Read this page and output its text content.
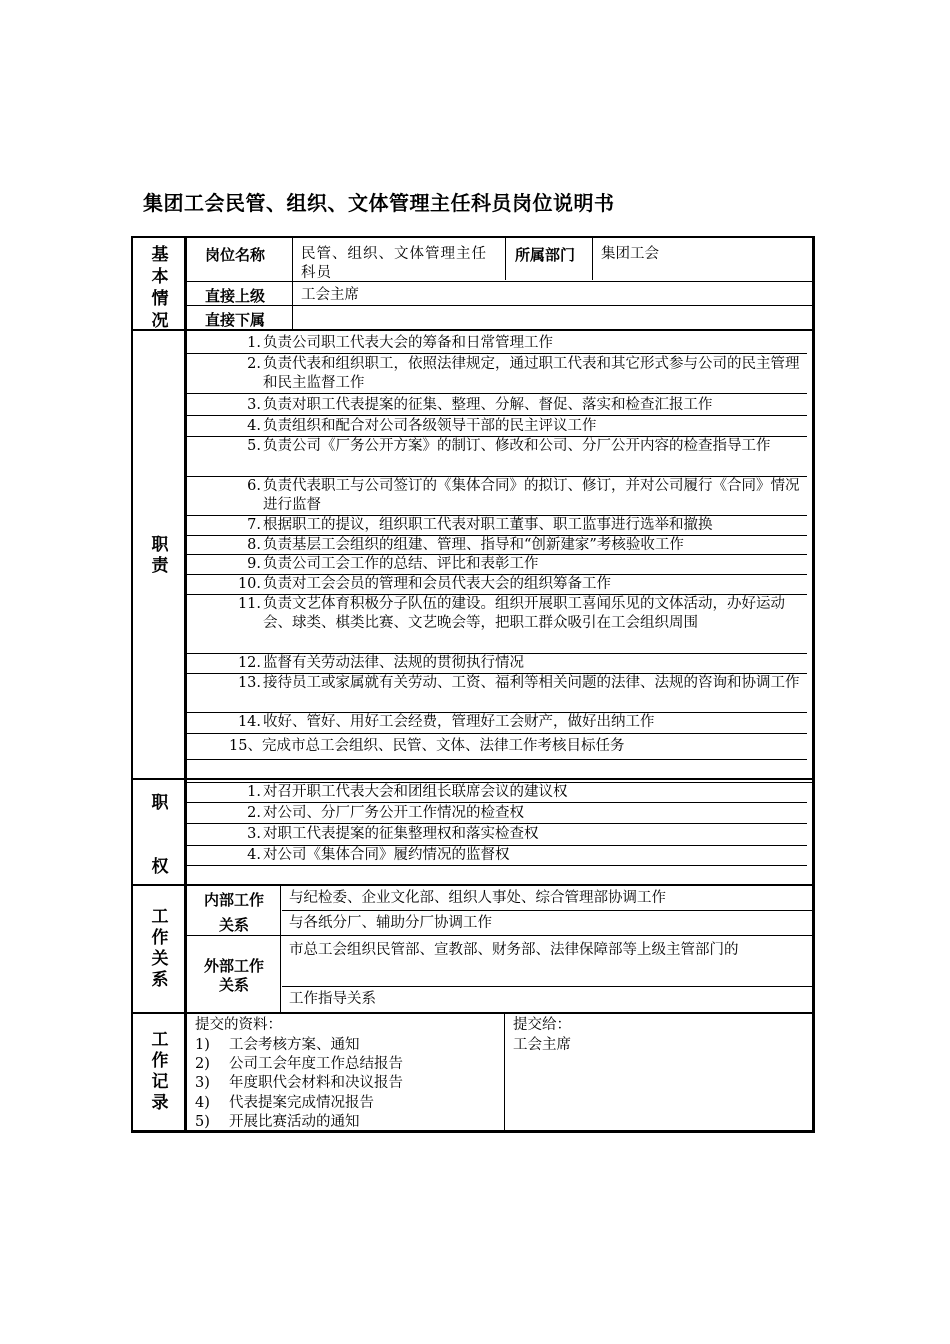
集团工会民管、组织、文体管理主任科员岗位说明书
基本情况
岗位名称 民管、组织、文体管理主任科员
所属部门 集团工会
直接上级 工会主席
直接下属
职责
1. 负责公司职工代表大会的筹备和日常管理工作
2. 负责代表和组织职工，依照法律规定，通过职工代表和其它形式参与公司的民主管理和民主监督工作
3. 负责对职工代表提案的征集、整理、分解、督促、落实和检查汇报工作
4. 负责组织和配合对公司各级领导干部的民主评议工作
5. 负责公司《厂务公开方案》的制订、修改和公司、分厂公开内容的检查指导工作
6. 负责代表职工与公司签订的《集体合同》的拟订、修订，并对公司履行《合同》情况进行监督
7. 根据职工的提议，组织职工代表对职工董事、职工监事进行选举和撤换
8. 负责基层工会组织的组建、管理、指导和“创新建家”考核验收工作
9. 负责公司工会工作的总结、评比和表彰工作
10. 负责对工会会员的管理和会员代表大会的组织筹备工作
11. 负责文艺体育积极分子队伍的建设。组织开展职工喜闻乐见的文体活动，办好运动会、球类、棋类比赛、文艺晚会等，把职工群众吸引在工会组织周围
12. 监督有关劳动法律、法规的贯彻执行情况
13. 接待员工或家属就有关劳动、工资、福利等相关问题的法律、法规的咨询和协调工作
14. 收好、管好、用好工会经费，管理好工会财产，做好出纳工作
15、完成市总工会组织、民管、文体、法律工作考核目标任务
职
权
1. 对召开职工代表大会和团组长联席会议的建议权
2. 对公司、分厂厂务公开工作情况的检查权
3. 对职工代表提案的征集整理权和落实检查权
4. 对公司《集体合同》履约情况的监督权
工作关系
内部工作关系
与纪检委、企业文化部、组织人事处、综合管理部协调工作
与各纸分厂、辅助分厂协调工作
外部工作关系
市总工会组织民管部、宣教部、财务部、法律保障部等上级主管部门的
工作指导关系
工作记录
提交的资料：
1) 工会考核方案、通知
2) 公司工会年度工作总结报告
3) 年度职代会材料和决议报告
4) 代表提案完成情况报告
5) 开展比赛活动的通知
提交给：
工会主席
